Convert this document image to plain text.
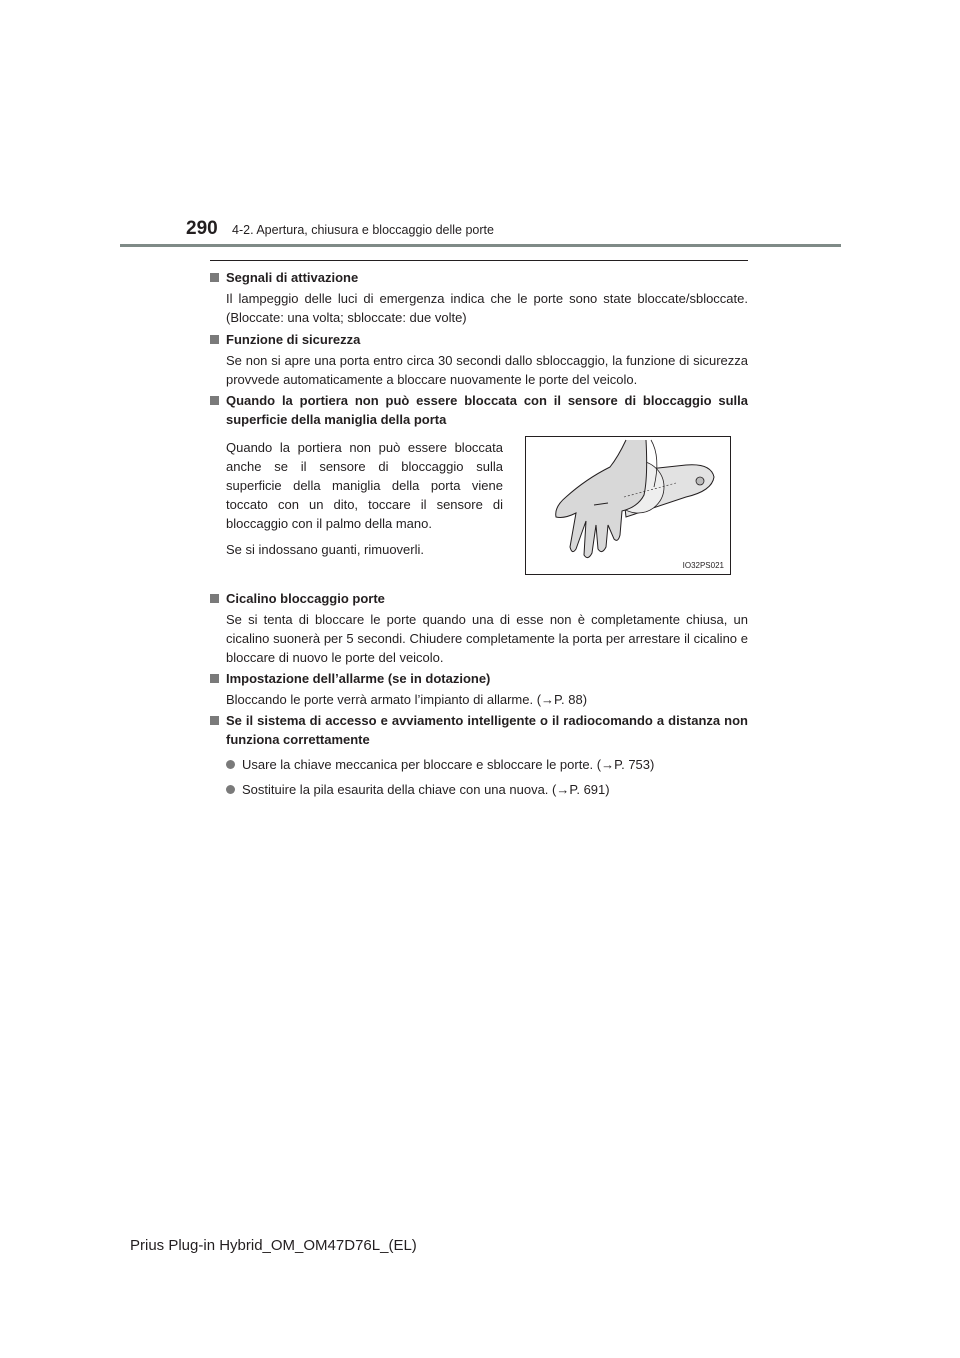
290 4-2. Apertura, chiusura e bloccaggio delle porte
Segnali di attivazione
Il lampeggio delle luci di emergenza indica che le porte sono state bloccate/sbloccate. (Bloccate: una volta; sbloccate: due volte)
Funzione di sicurezza
Se non si apre una porta entro circa 30 secondi dallo sbloccaggio, la funzione di sicurezza provvede automaticamente a bloccare nuovamente le porte del veicolo.
Quando la portiera non può essere bloccata con il sensore di bloccaggio sulla superficie della maniglia della porta
Quando la portiera non può essere bloccata anche se il sensore di bloccaggio sulla superficie della maniglia della porta viene toccato con un dito, toccare il sensore di bloccaggio con il palmo della mano.
Se si indossano guanti, rimuoverli.
IO32PS021
Cicalino bloccaggio porte
Se si tenta di bloccare le porte quando una di esse non è completamente chiusa, un cicalino suonerà per 5 secondi. Chiudere completamente la porta per arrestare il cicalino e bloccare di nuovo le porte del veicolo.
Impostazione dell’allarme (se in dotazione)
Bloccando le porte verrà armato l’impianto di allarme. (→P. 88)
Se il sistema di accesso e avviamento intelligente o il radiocomando a distanza non funziona correttamente
Usare la chiave meccanica per bloccare e sbloccare le porte. (→P. 753)
Sostituire la pila esaurita della chiave con una nuova. (→P. 691)
Prius Plug-in Hybrid_OM_OM47D76L_(EL)
